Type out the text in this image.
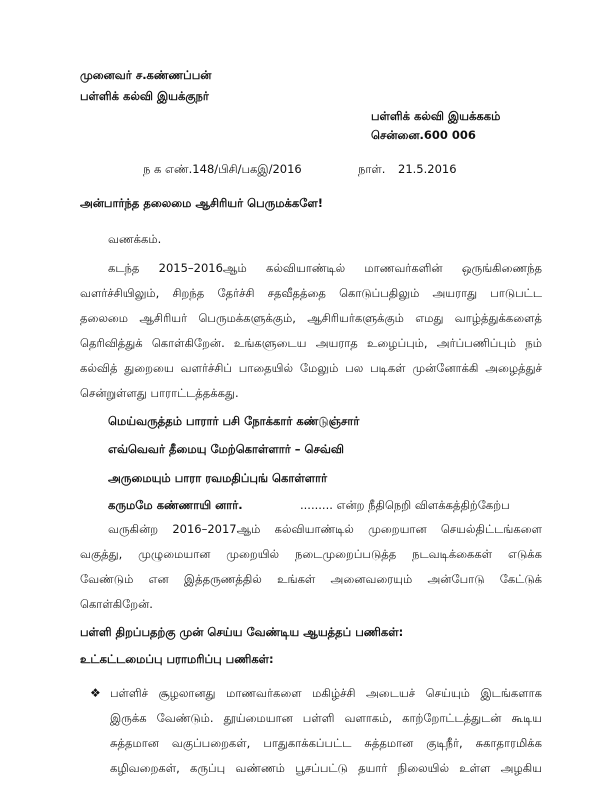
முனைவர் ச.கண்ணப்பன்
பள்ளிக் கல்வி இயக்குநர்
பள்ளிக் கல்வி இயக்ககம்
சென்னை.600 006
ந க எண்.148/பிசி/பகஇ/2016	நாள். 21.5.2016
அன்பார்ந்த தலைமை ஆசிரியர் பெருமக்களே!
வணக்கம்.
கடந்த 2015–2016ஆம் கல்வியாண்டில் மாணவர்களின் ஒருங்கிணைந்த
வளர்ச்சியிலும், சிறந்த தேர்ச்சி சதவீதத்தை கொடுப்பதிலும் அயராது பாடுபட்ட
தலைமை ஆசிரியர் பெருமக்களுக்கும், ஆசிரியர்களுக்கும் எமது வாழ்த்துக்களைத்
தெரிவித்துக் கொள்கிறேன். உங்களுடைய அயராத உழைப்பும், அர்ப்பணிப்பும் நம்
கல்வித் துறையை வளர்ச்சிப் பாதையில் மேலும் பல படிகள் முன்னோக்கி அழைத்துச்
சென்றுள்ளது பாராட்டத்தக்கது.
மெய்வருத்தம் பாரார் பசி நோக்கார் கண்டுஞ்சார்
எவ்வெவர் தீமையு மேற்கொள்ளார் – செவ்வி
அருமையும் பாரா ரவமதிப்புங் கொள்ளார்
கருமமே கண்ணாயி னார்.	......... என்ற நீதிநெறி விளக்கத்திற்கேற்ப
வருகின்ற 2016–2017ஆம் கல்வியாண்டில் முறையான செயல்திட்டங்களை
வகுத்து, முழுமையான முறையில் நடைமுறைப்படுத்த நடவடிக்கைகள் எடுக்க
வேண்டும் என இத்தருணத்தில் உங்கள் அனைவரையும் அன்போடு கேட்டுக்
கொள்கிறேன்.
பள்ளி திறப்பதற்கு முன் செய்ய வேண்டிய ஆயத்தப் பணிகள்:
உட்கட்டமைப்பு பராமரிப்பு பணிகள்:
❖ பள்ளிச் சூழலானது மாணவர்களை மகிழ்ச்சி அடையச் செய்யும் இடங்களாக
இருக்க வேண்டும். தூய்மையான பள்ளி வளாகம், காற்றோட்டத்துடன் கூடிய
சுத்தமான வகுப்பறைகள், பாதுகாக்கப்பட்ட சுத்தமான குடிநீர், சுகாதாரமிக்க
கழிவறைகள், கருப்பு வண்ணம் பூசப்பட்டு தயார் நிலையில் உள்ள அழகிய
